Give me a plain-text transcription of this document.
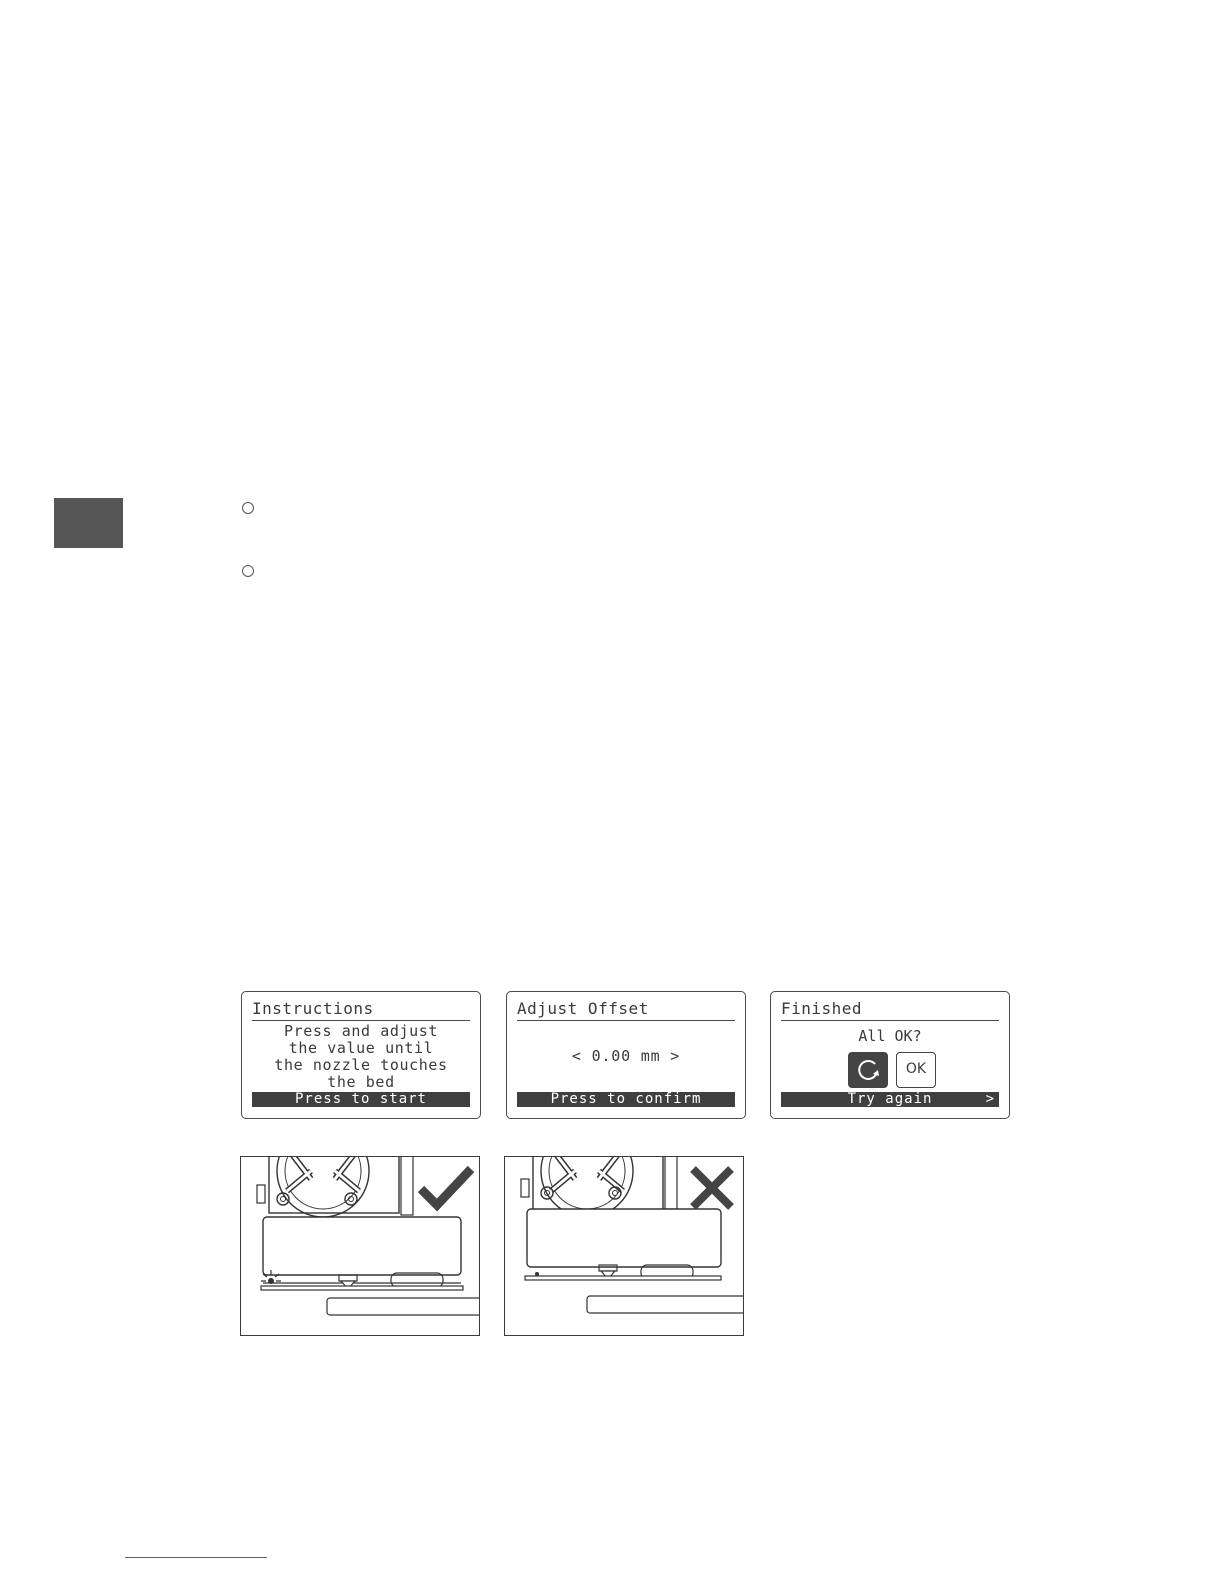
Instructions
Press and adjust
the value until
the nozzle touches
the bed
Press to start
Adjust Offset
< 0.00 mm >
Press to confirm
Finished
All OK?
OK
Try again	>
